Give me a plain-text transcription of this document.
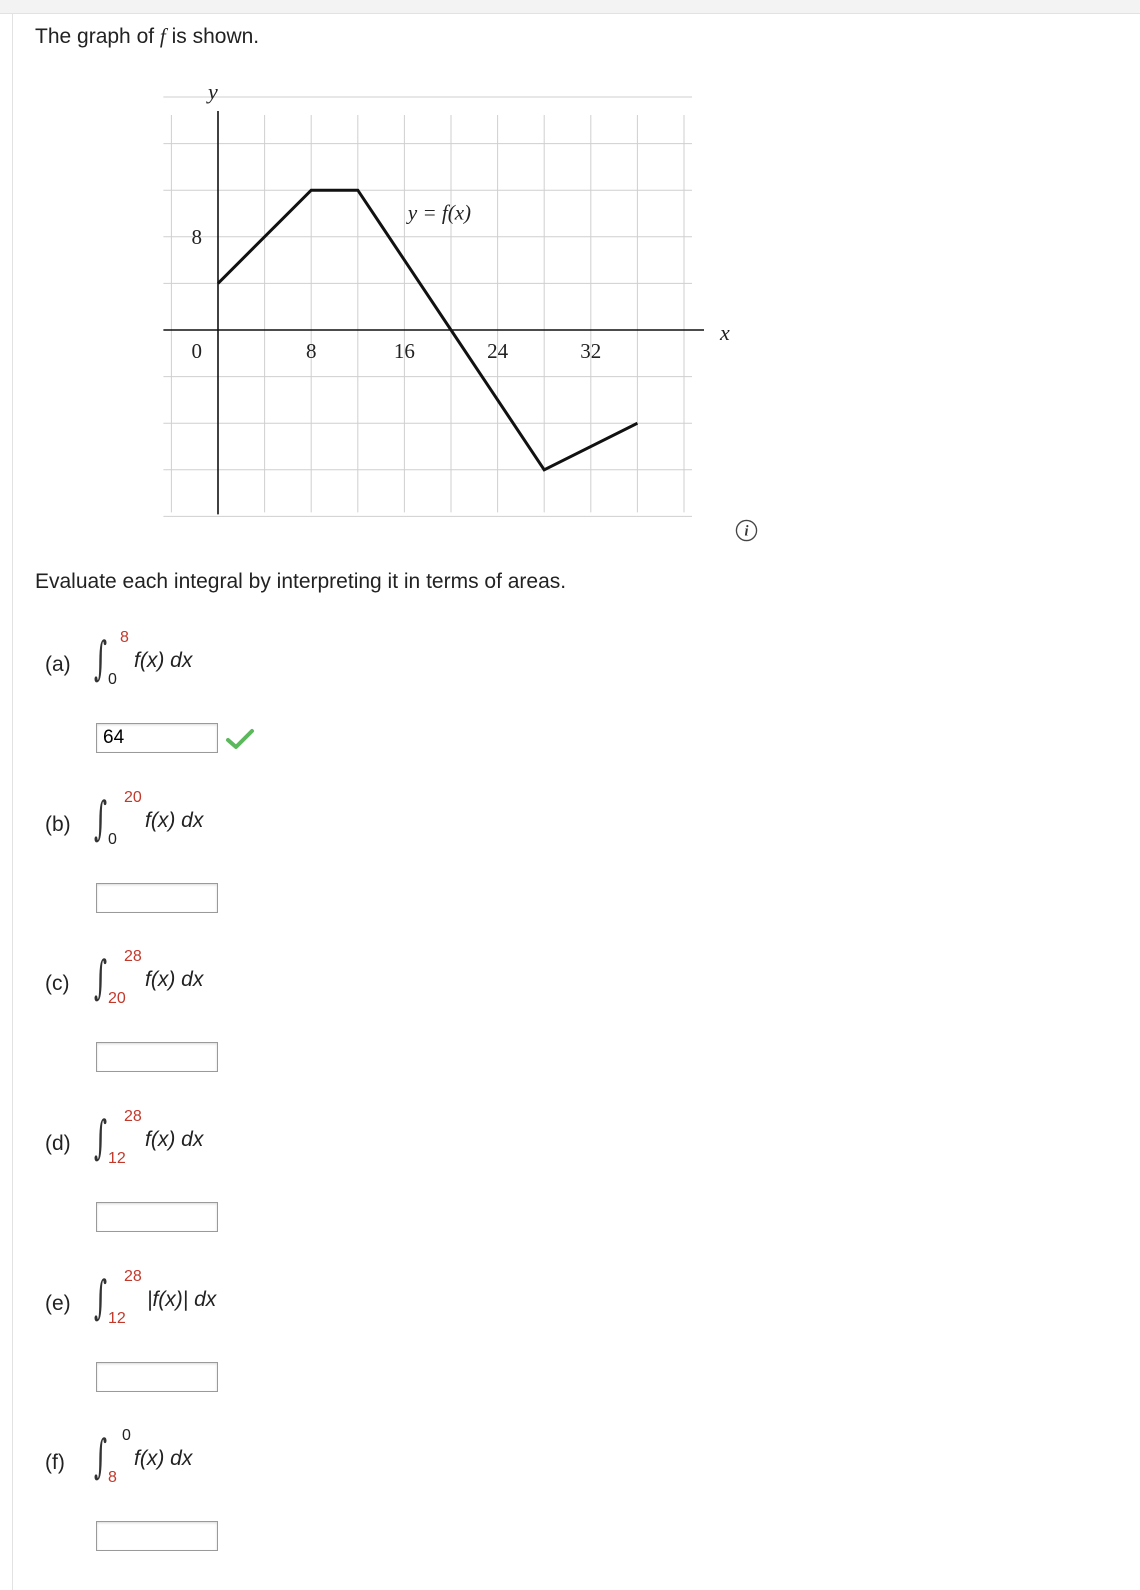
The graph of f is shown.
y
x
y = f(x)
8	16	24	32
0
8
i
Evaluate each integral by interpreting it in terms of areas.
(a) ∫ 8
0
f(x) dx
64
(b) ∫ 20
0
f(x) dx
(c) ∫ 28
20
f(x) dx
(d) ∫ 28
12
f(x) dx
(e) ∫ 28
12
|f(x)| dx
(f) ∫ 0
8
f(x) dx
